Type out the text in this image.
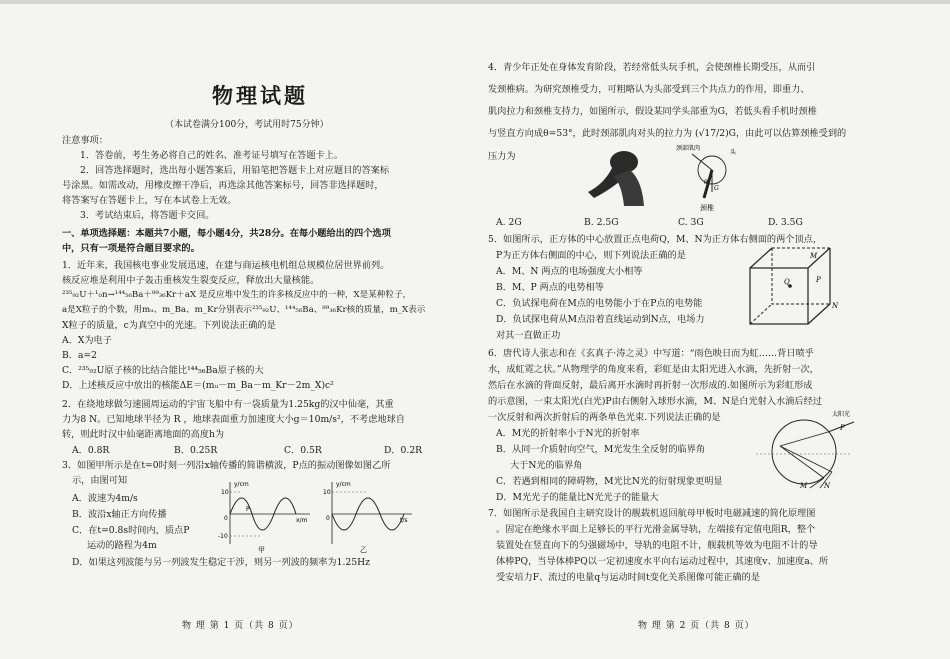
物理试题
（本试卷满分100分，考试用时75分钟）
注意事项：
1．答卷前，考生务必将自己的姓名、准考证号填写在答题卡上。
2．回答选择题时，选出每小题答案后，用铅笔把答题卡上对应题目的答案标
号涂黑。如需改动，用橡皮擦干净后，再选涂其他答案标号，回答非选择题时，
将答案写在答题卡上，写在本试卷上无效。
3．考试结束后，将答题卡交回。
一、单项选择题：本题共7小题，每小题4分，共28分。在每小题给出的四个选项
中，只有一项是符合题目要求的。
1．近年来，我国核电事业发展迅速，在建与商运核电机组总规模位居世界前列。
核反应堆是利用中子轰击重核发生裂变反应，释放出大量核能。
²³⁵₉₂U＋¹₀n→¹⁴⁴₅₆Ba＋⁸⁹₃₆Kr＋aX 是反应堆中发生的许多核反应中的一种，X是某种粒子，
a是X粒子的个数，用mᵤ、m_Ba、m_Kr分别表示²³⁵₉₂U、¹⁴⁴₅₆Ba、⁸⁹₃₆Kr核的质量，m_X表示
X粒子的质量，c为真空中的光速。下列说法正确的是
A．X为电子
B．a=2
C．²³⁵₉₂U原子核的比结合能比¹⁴⁴₅₆Ba原子核的大
D．上述核反应中放出的核能ΔE＝(mᵤ－m_Ba－m_Kr－2m_X)c²
2．在绕地球做匀速圆周运动的宇宙飞船中有一袋质量为1.25kg的汉中仙毫，其重
力为8 N。已知地球半径为 R ，地球表面重力加速度大小g＝10m/s²，不考虑地球自
转，则此时汉中仙毫距离地面的高度h为
A．0.8R	B．0.25R	C．0.5R	D．0.2R
3．如图甲所示是在t=0时刻一列沿x轴传播的简谐横波，P点的振动图像如图乙所
示，由图可知
A．波速为4m/s
B．波沿x轴正方向传播
C．在t=0.8s时间内，质点P
运动的路程为4m
D．如果这列波能与另一列波发生稳定干涉，则另一列波的频率为1.25Hz
y/cm
10
-10
0	x/m
P
甲
y/cm
10
0	t/s
乙
物 理 第 1 页（共 8 页）
4．青少年正处在身体发育阶段，若经常低头玩手机，会使颈椎长期受压，从而引
发颈椎病。为研究颈椎受力，可粗略认为头部受到三个共点力的作用，即重力、
肌肉拉力和颈椎支持力，如图所示，假设某同学头部重为G，若低头看手机时颈椎
与竖直方向成θ=53°，此时颈部肌肉对头的拉力为 (√17/2)G，由此可以估算颈椎受到的
压力为
颈部肌肉
头
G
θ
颈椎
A. 2G	B. 2.5G	C. 3G	D. 3.5G
5．如图所示，正方体的中心放置正点电荷Q，M、N为正方体右侧面的两个顶点，
P为正方体右侧面的中心，则下列说法正确的是
A．M、N 两点的电场强度大小相等
B．M、P 两点的电势相等
C．负试探电荷在M点的电势能小于在P点的电势能
D．负试探电荷从M点沿着直线运动到N点，电场力
对其一直做正功
M
N
P
Q
6．唐代诗人张志和在《玄真子·涛之灵》中写道：“雨色映日而为虹……背日喷乎
水，成虹霓之状。”从物理学的角度来看，彩虹是由太阳光进入水滴，先折射一次，
然后在水滴的背面反射，最后离开水滴时再折射一次形成的.如图所示为彩虹形成
的示意图，一束太阳光(白光)P由右侧射入球形水滴，M、N是白光射入水滴后经过
一次反射和两次折射后的两条单色光束.下列说法正确的是
A．M光的折射率小于N光的折射率
B．从同一介质射向空气，M光发生全反射的临界角
大于N光的临界角
C．若遇到相同的障碍物，M光比N光的衍射现象更明显
D．M光光子的能量比N光光子的能量大
太阳光
P
M N
7．如图所示是我国自主研究设计的舰载机返回航母甲板时电磁减速的简化原理图
。固定在绝缘水平面上足够长的平行光滑金属导轨，左端接有定值电阻R，整个
装置处在竖直向下的匀强磁场中，导轨的电阻不计，舰载机等效为电阻不计的导
体棒PQ，当导体棒PQ以一定初速度水平向右运动过程中，其速度v、加速度a、所
受安培力F、流过的电量q与运动时间t变化关系图像可能正确的是
物 理 第 2 页（共 8 页）
